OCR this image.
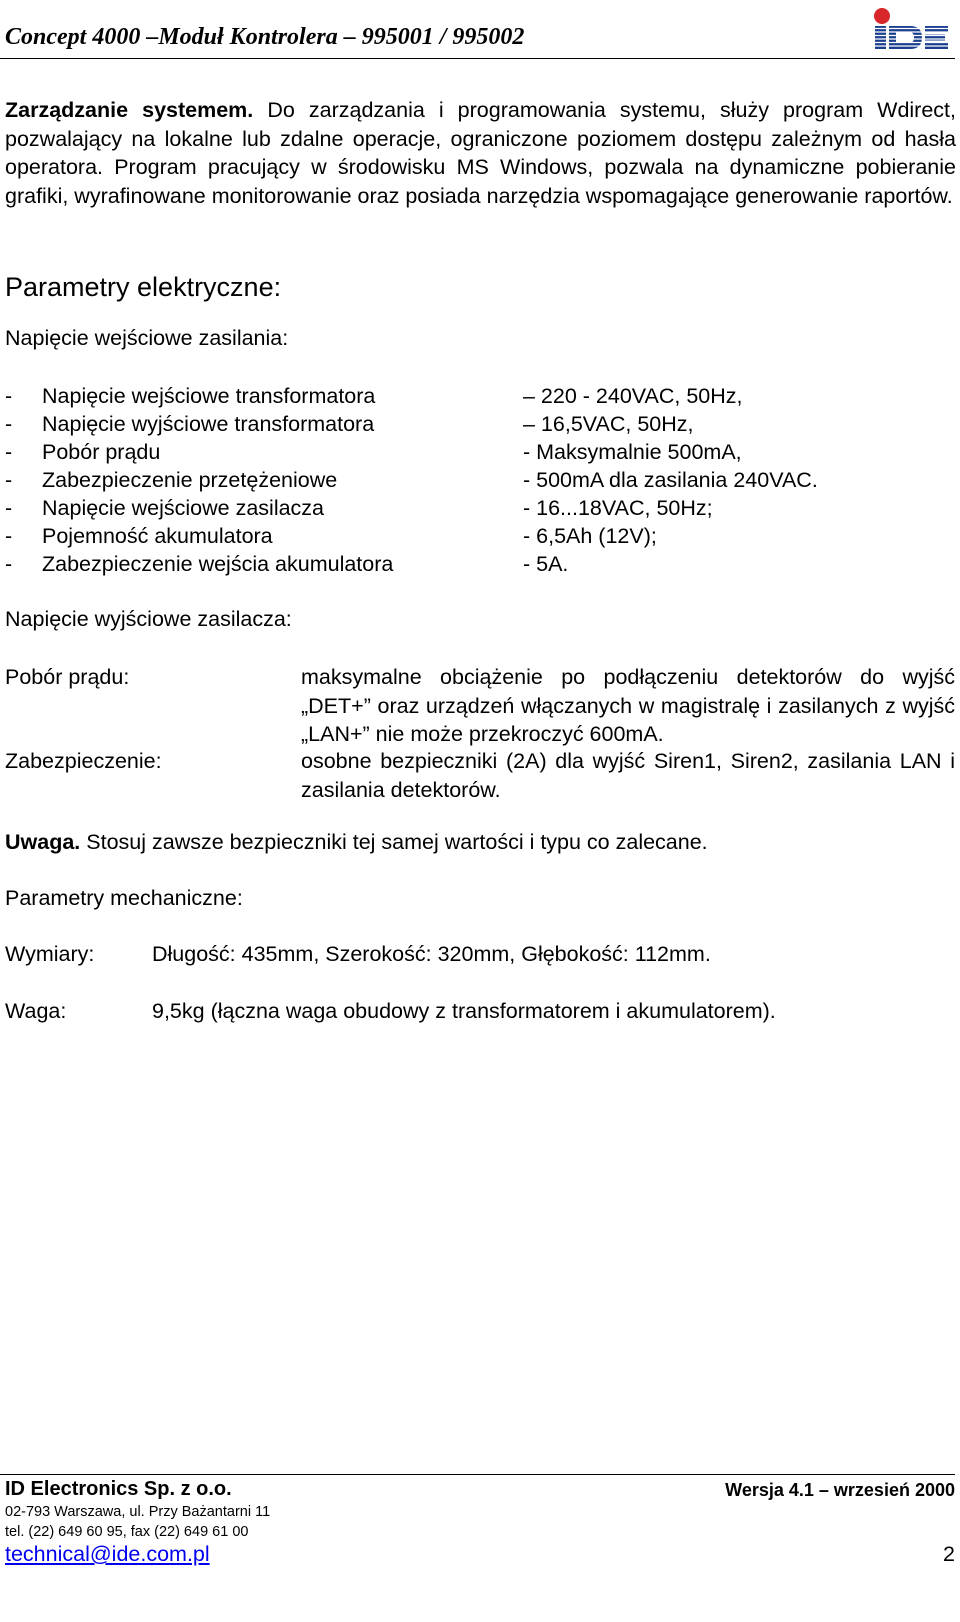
Concept 4000 –Moduł Kontrolera – 995001 / 995002
Zarządzanie systemem. Do zarządzania i programowania systemu, służy program Wdirect, pozwalający na lokalne lub zdalne operacje, ograniczone poziomem dostępu zależnym od hasła operatora. Program pracujący w środowisku MS Windows, pozwala na dynamiczne pobieranie grafiki, wyrafinowane monitorowanie oraz posiada narzędzia wspomagające generowanie raportów.
Parametry elektryczne:
Napięcie wejściowe zasilania:
- Napięcie wejściowe transformatora	– 220 - 240VAC, 50Hz,
- Napięcie wyjściowe transformatora	– 16,5VAC, 50Hz,
- Pobór prądu	- Maksymalnie 500mA,
- Zabezpieczenie przetężeniowe	- 500mA dla zasilania 240VAC.
- Napięcie wejściowe zasilacza	- 16...18VAC, 50Hz;
- Pojemność akumulatora	- 6,5Ah (12V);
- Zabezpieczenie wejścia akumulatora	- 5A.
Napięcie wyjściowe zasilacza:
Pobór prądu:	maksymalne obciążenie po podłączeniu detektorów do wyjść „DET+” oraz urządzeń włączanych w magistralę i zasilanych z wyjść „LAN+” nie może przekroczyć 600mA.
Zabezpieczenie:	osobne bezpieczniki (2A) dla wyjść Siren1, Siren2, zasilania LAN i zasilania detektorów.
Uwaga. Stosuj zawsze bezpieczniki tej samej wartości i typu co zalecane.
Parametry mechaniczne:
Wymiary:	Długość: 435mm, Szerokość: 320mm, Głębokość: 112mm.
Waga:	9,5kg (łączna waga obudowy z transformatorem i akumulatorem).
ID Electronics Sp. z o.o.	Wersja 4.1 – wrzesień 2000
02-793 Warszawa, ul. Przy Bażantarni 11
tel. (22) 649 60 95, fax (22) 649 61 00
technical@ide.com.pl	2
